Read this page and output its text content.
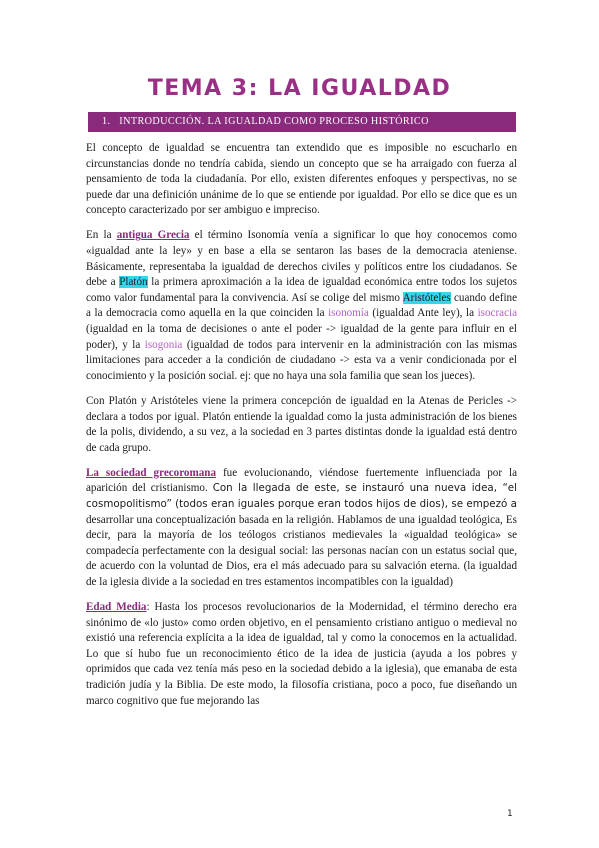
TEMA 3: LA IGUALDAD
1.   INTRODUCCIÓN. LA IGUALDAD COMO PROCESO HISTÓRICO

El concepto de igualdad se encuentra tan extendido que es imposible no escucharlo en circunstancias donde no tendría cabida, siendo un concepto que se ha arraigado con fuerza al pensamiento de toda la ciudadanía. Por ello, existen diferentes enfoques y perspectivas, no se puede dar una definición unánime de lo que se entiende por igualdad. Por ello se dice que es un concepto caracterizado por ser ambiguo e impreciso.

En la antigua Grecia el término Isonomía venía a significar lo que hoy conocemos como «igualdad ante la ley» y en base a ella se sentaron las bases de la democracia ateniense. Básicamente, representaba la igualdad de derechos civiles y políticos entre los ciudadanos. Se debe a Platón la primera aproximación a la idea de igualdad económica entre todos los sujetos como valor fundamental para la convivencia. Así se colige del mismo Aristóteles cuando define a la democracia como aquella en la que coinciden la isonomía (igualdad Ante ley), la isocracia (igualdad en la toma de decisiones o ante el poder -> igualdad de la gente para influir en el poder), y la isogonia (igualdad de todos para intervenir en la administración con las mismas limitaciones para acceder a la condición de ciudadano -> esta va a venir condicionada por el conocimiento y la posición social. ej: que no haya una sola familia que sean los jueces).

Con Platón y Aristóteles viene la primera concepción de igualdad en la Atenas de Pericles -> declara a todos por igual. Platón entiende la igualdad como la justa administración de los bienes de la polis, dividendo, a su vez, a la sociedad en 3 partes distintas donde la igualdad está dentro de cada grupo.

La sociedad grecoromana fue evolucionando, viéndose fuertemente influenciada por la aparición del cristianismo. Con la llegada de este, se instauró una nueva idea, “el cosmopolitismo” (todos eran iguales porque eran todos hijos de dios), se empezó a desarrollar una conceptualización basada en la religión. Hablamos de una igualdad teológica, Es decir, para la mayoría de los teólogos cristianos medievales la «igualdad teológica» se compadecía perfectamente con la desigual social: las personas nacían con un estatus social que, de acuerdo con la voluntad de Dios, era el más adecuado para su salvación eterna. (la igualdad de la iglesia divide a la sociedad en tres estamentos incompatibles con la igualdad)

Edad Media: Hasta los procesos revolucionarios de la Modernidad, el término derecho era sinónimo de «lo justo» como orden objetivo, en el pensamiento cristiano antiguo o medieval no existió una referencia explícita a la idea de igualdad, tal y como la conocemos en la actualidad. Lo que sí hubo fue un reconocimiento ético de la idea de justicia (ayuda a los pobres y oprimidos que cada vez tenía más peso en la sociedad debido a la iglesia), que emanaba de esta tradición judía y la Biblia. De este modo, la filosofía cristiana, poco a poco, fue diseñando un marco cognitivo que fue mejorando las

1
